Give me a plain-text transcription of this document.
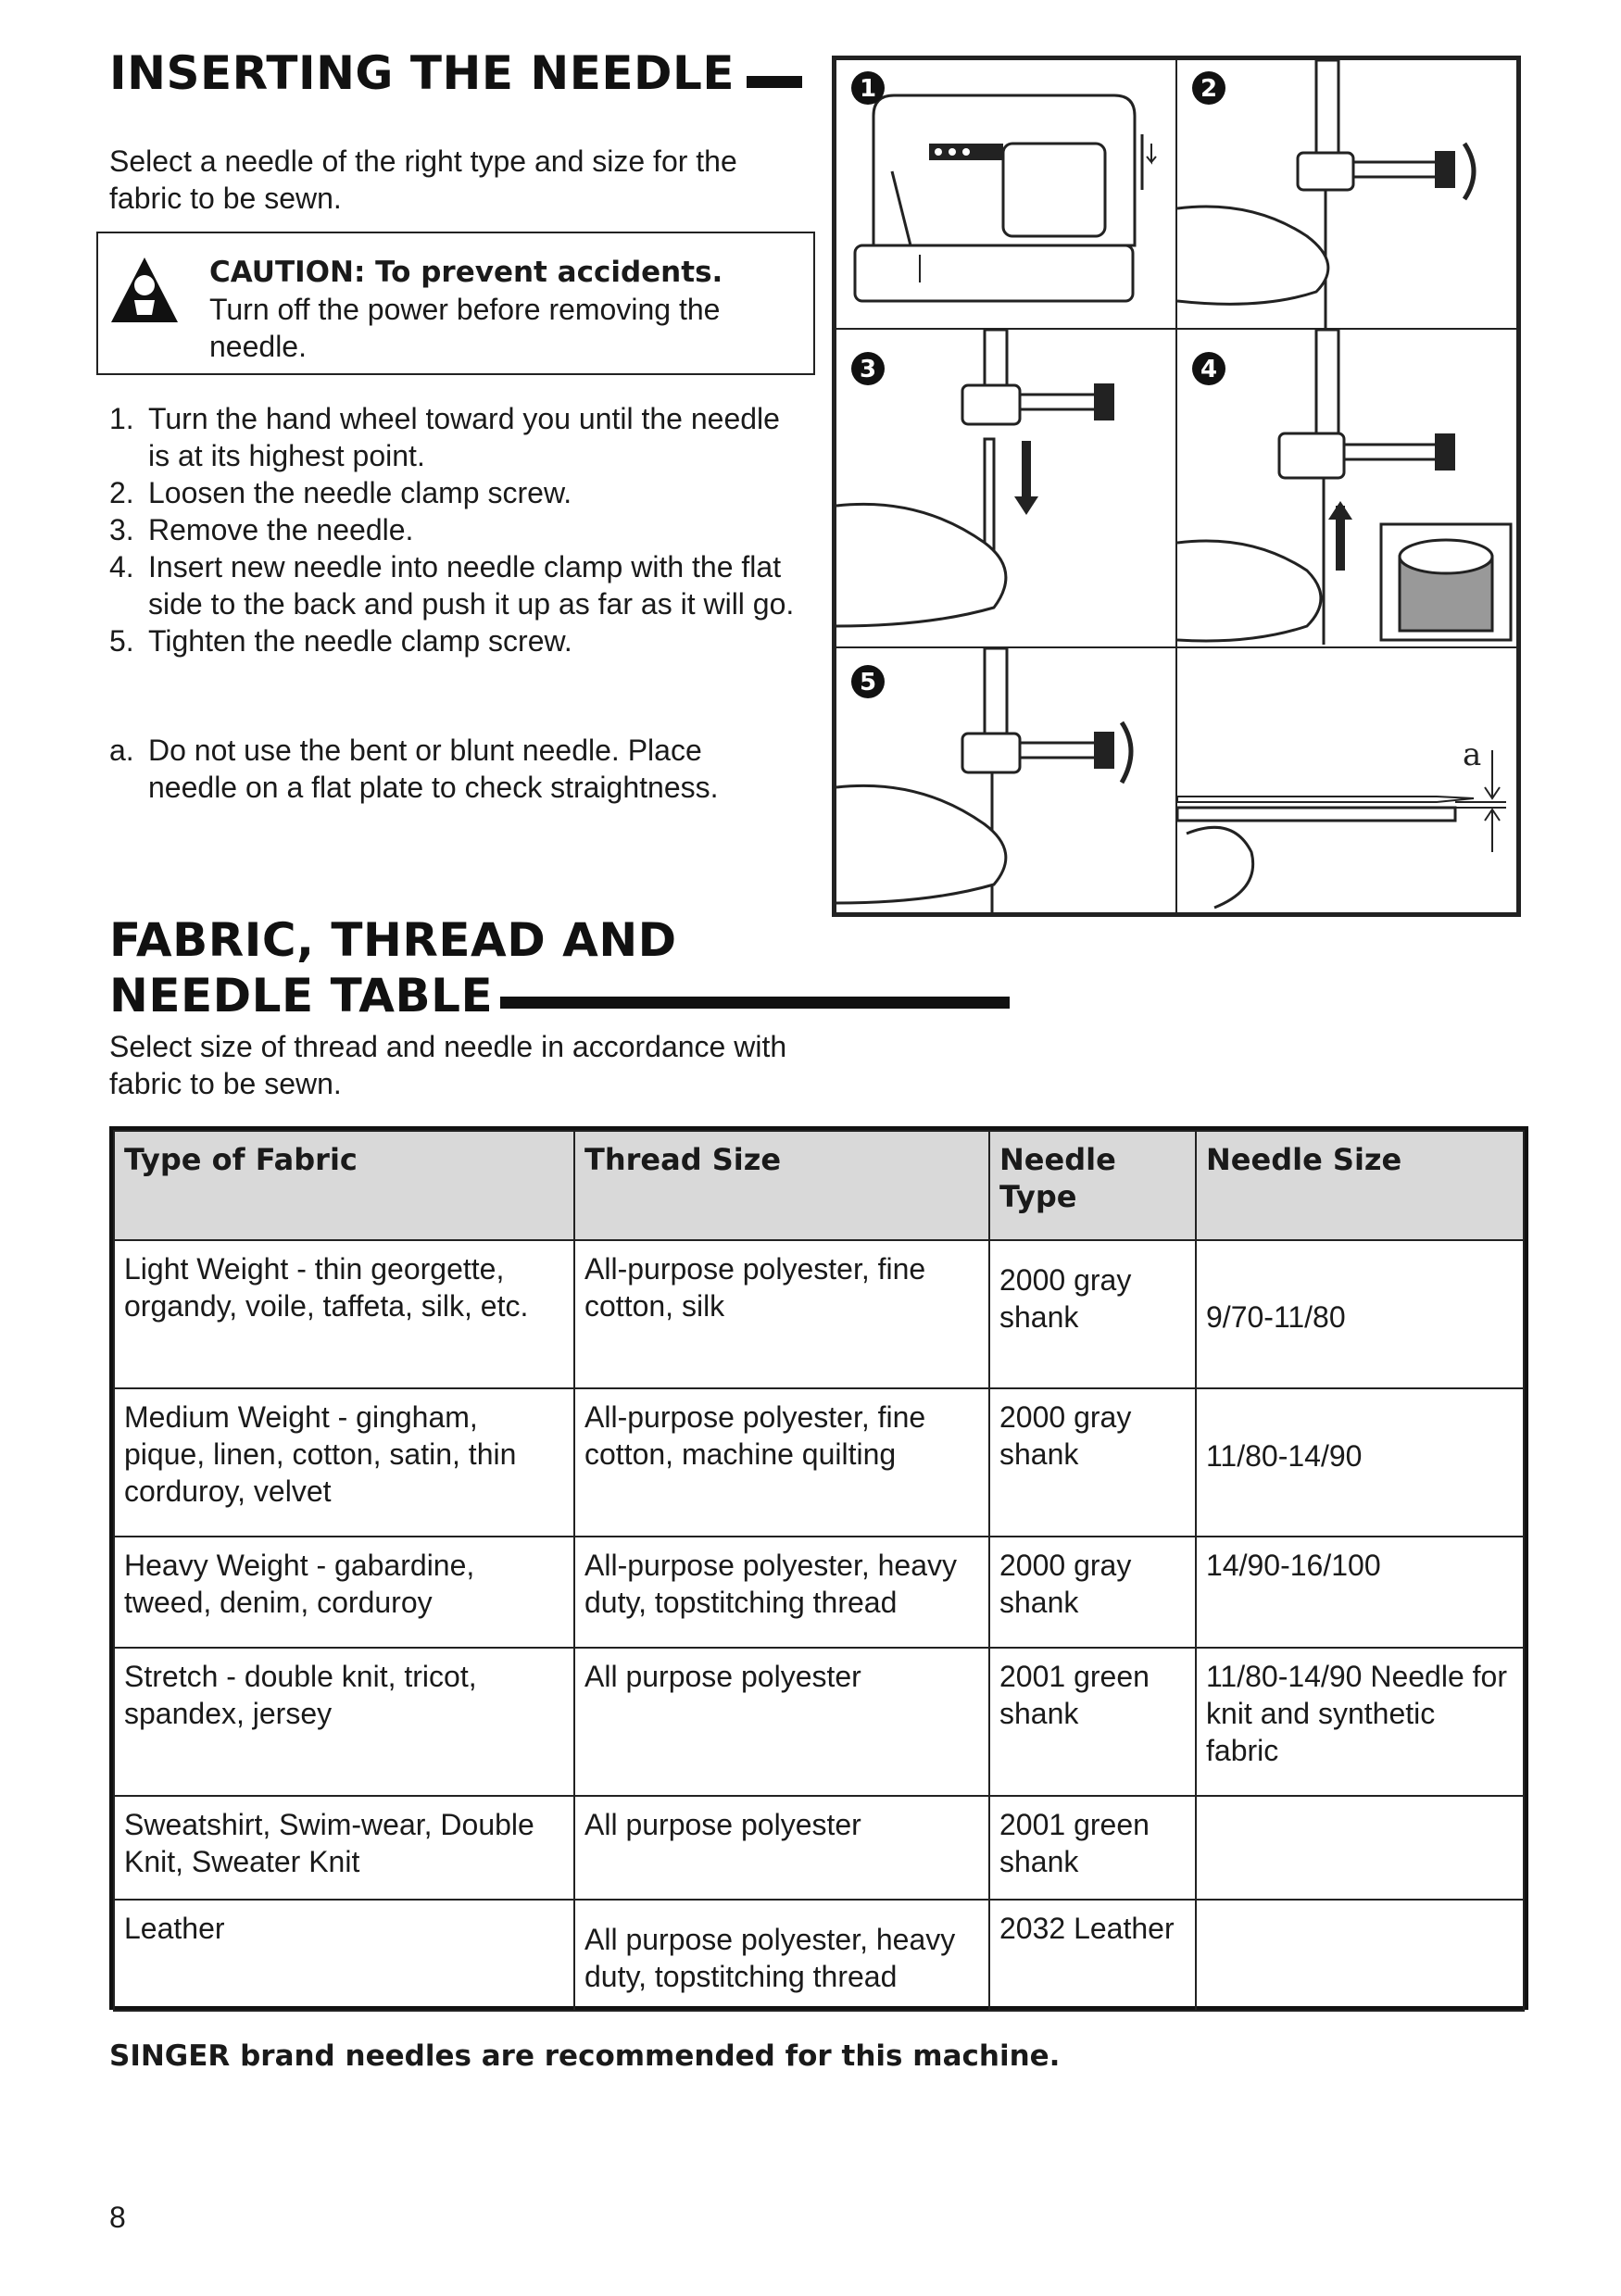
INSERTING THE NEEDLE
Select a needle of the right type and size for the fabric to be sewn.
CAUTION: To prevent accidents.
Turn off the power before removing the needle.
1. Turn the hand wheel toward you until the needle is at its highest point.
2. Loosen the needle clamp screw.
3. Remove the needle.
4. Insert new needle into needle clamp with the flat side to the back and push it up as far as it will go.
5. Tighten the needle clamp screw.
a. Do not use the bent or blunt needle. Place needle on a flat plate to check straightness.
1	2
3	4
5
a
FABRIC, THREAD AND
NEEDLE TABLE
Select size of thread and needle in accordance with fabric to be sewn.
Type of Fabric	Thread Size	Needle Type	Needle Size
Light Weight - thin georgette, organdy, voile, taffeta, silk, etc.	All-purpose polyester, fine cotton, silk	2000 gray shank	9/70-11/80
Medium Weight - gingham, pique, linen, cotton, satin, thin corduroy, velvet	All-purpose polyester, fine cotton, machine quilting	2000 gray shank	11/80-14/90
Heavy Weight - gabardine, tweed, denim, corduroy	All-purpose polyester, heavy duty, topstitching thread	2000 gray shank	14/90-16/100
Stretch - double knit, tricot, spandex, jersey	All purpose polyester	2001 green shank	11/80-14/90 Needle for knit and synthetic fabric
Sweatshirt, Swim-wear, Double Knit, Sweater Knit	All purpose polyester	2001 green shank	
Leather	All purpose polyester, heavy duty, topstitching thread	2032 Leather	
SINGER brand needles are recommended for this machine.
8
